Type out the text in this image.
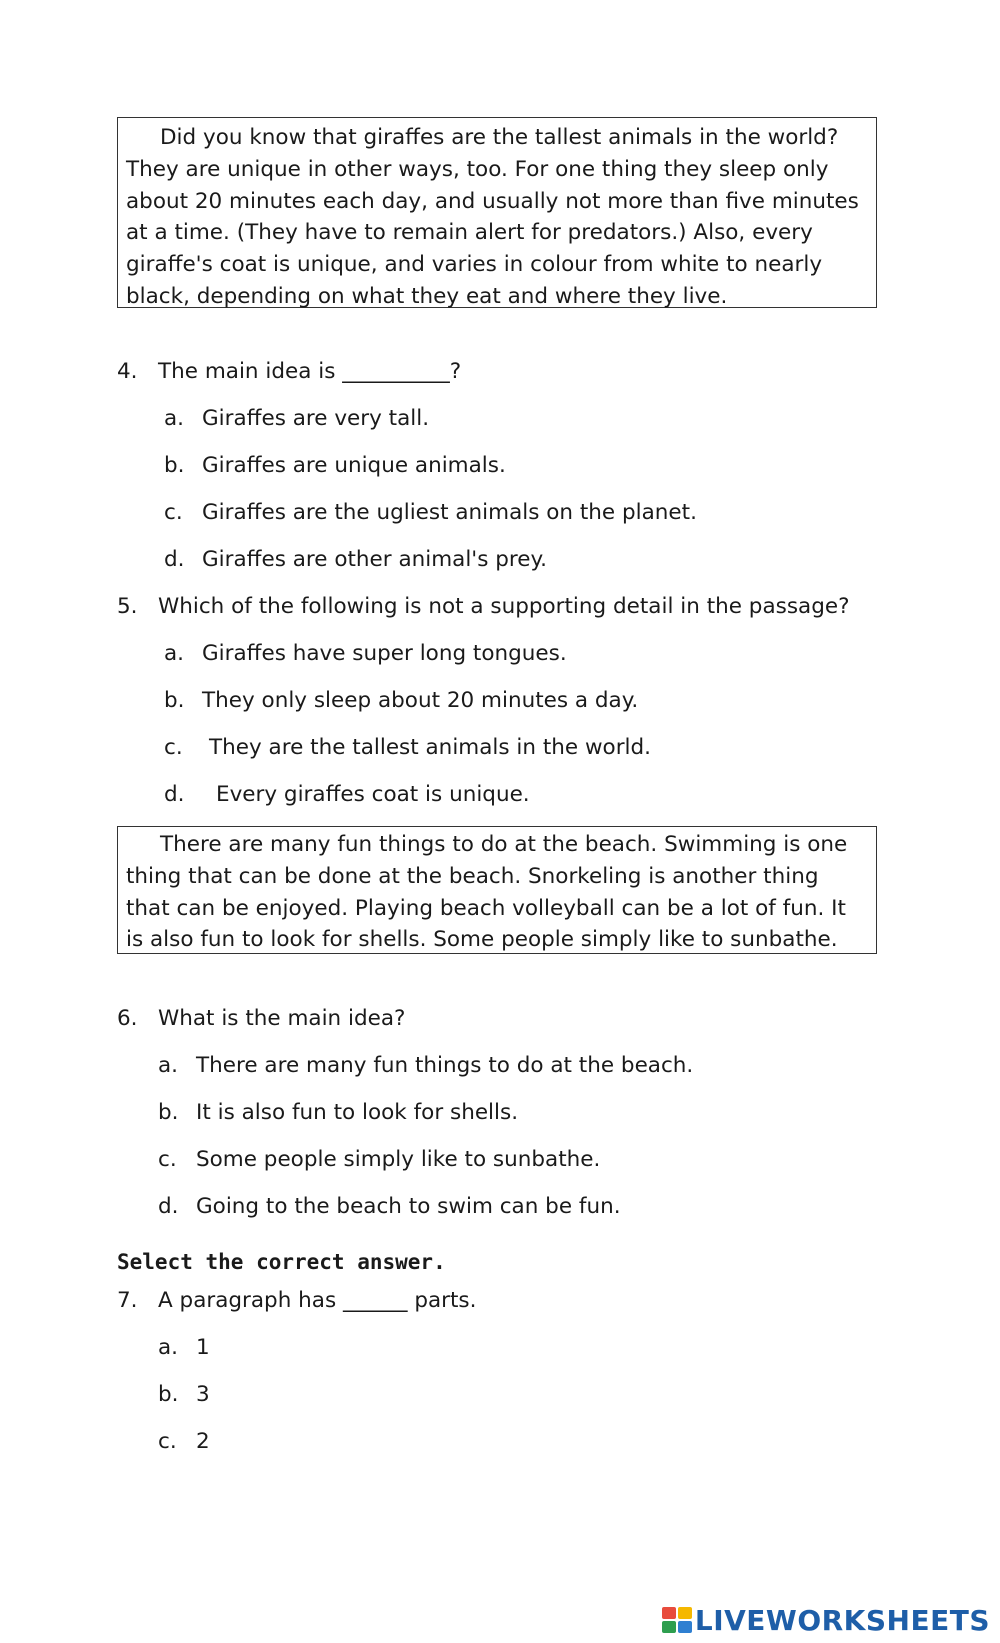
Did you know that giraffes are the tallest animals in the world? They are unique in other ways, too. For one thing they sleep only about 20 minutes each day, and usually not more than five minutes at a time. (They have to remain alert for predators.) Also, every giraffe's coat is unique, and varies in colour from white to nearly black, depending on what they eat and where they live.

4. The main idea is __________?
a. Giraffes are very tall.
b. Giraffes are unique animals.
c. Giraffes are the ugliest animals on the planet.
d. Giraffes are other animal's prey.
5. Which of the following is not a supporting detail in the passage?
a. Giraffes have super long tongues.
b. They only sleep about 20 minutes a day.
c. They are the tallest animals in the world.
d. Every giraffes coat is unique.

There are many fun things to do at the beach. Swimming is one thing that can be done at the beach. Snorkeling is another thing that can be enjoyed. Playing beach volleyball can be a lot of fun. It is also fun to look for shells. Some people simply like to sunbathe.

6. What is the main idea?
a. There are many fun things to do at the beach.
b. It is also fun to look for shells.
c. Some people simply like to sunbathe.
d. Going to the beach to swim can be fun.
Select the correct answer.
7. A paragraph has ______ parts.
a. 1
b. 3
c. 2
LIVEWORKSHEETS
